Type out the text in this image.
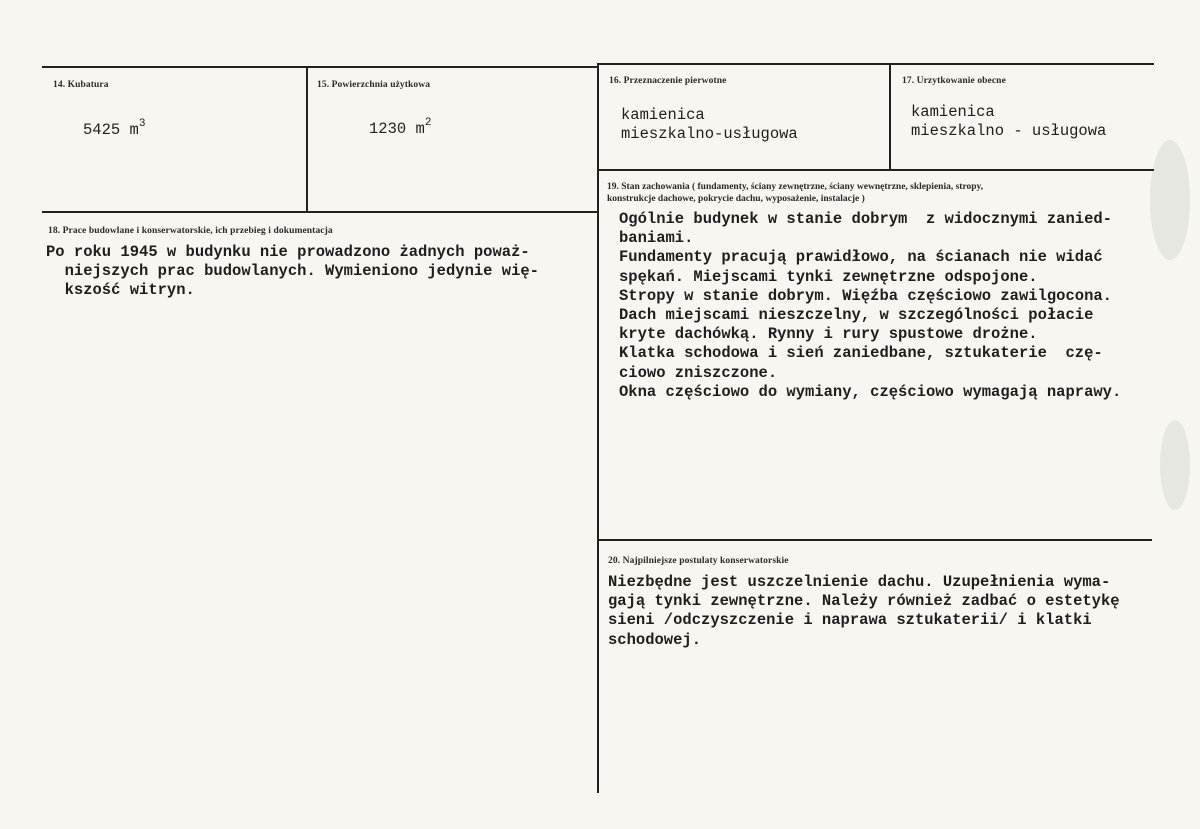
14. Kubatura
5425 $m^3$
15. Powierzchnia użytkowa
1230 $m^2$
16. Przeznaczenie pierwotne
kamienica
mieszkalno-usługowa
17. Urzytkowanie obecne
kamienica
mieszkalno - usługowa
18. Prace budowlane i konserwatorskie, ich przebieg i dokumentacja
Po roku 1945 w budynku nie prowadzono żadnych poważ-
niejszych prac budowlanych. Wymieniono jedynie wię-
kszość witryn.
19. Stan zachowania ( fundamenty, ściany zewnętrzne, ściany wewnętrzne, sklepienia, stropy,
konstrukcje dachowe, pokrycie dachu, wyposażenie, instalacje )
Ogólnie budynek w stanie dobrym  z widocznymi zanied-
baniami.
Fundamenty pracują prawidłowo, na ścianach nie widać
spękań. Miejscami tynki zewnętrzne odspojone.
Stropy w stanie dobrym. Więźba częściowo zawilgocona.
Dach miejscami nieszczelny, w szczególności połacie
kryte dachówką. Rynny i rury spustowe drożne.
Klatka schodowa i sień zaniedbane, sztukaterie  czę-
ciowo zniszczone.
Okna częściowo do wymiany, częściowo wymagają naprawy.
20. Najpilniejsze postulaty konserwatorskie
Niezbędne jest uszczelnienie dachu. Uzupełnienia wyma-
gają tynki zewnętrzne. Należy również zadbać o estetykę
sieni /odczyszczenie i naprawa sztukaterii/ i klatki
schodowej.
